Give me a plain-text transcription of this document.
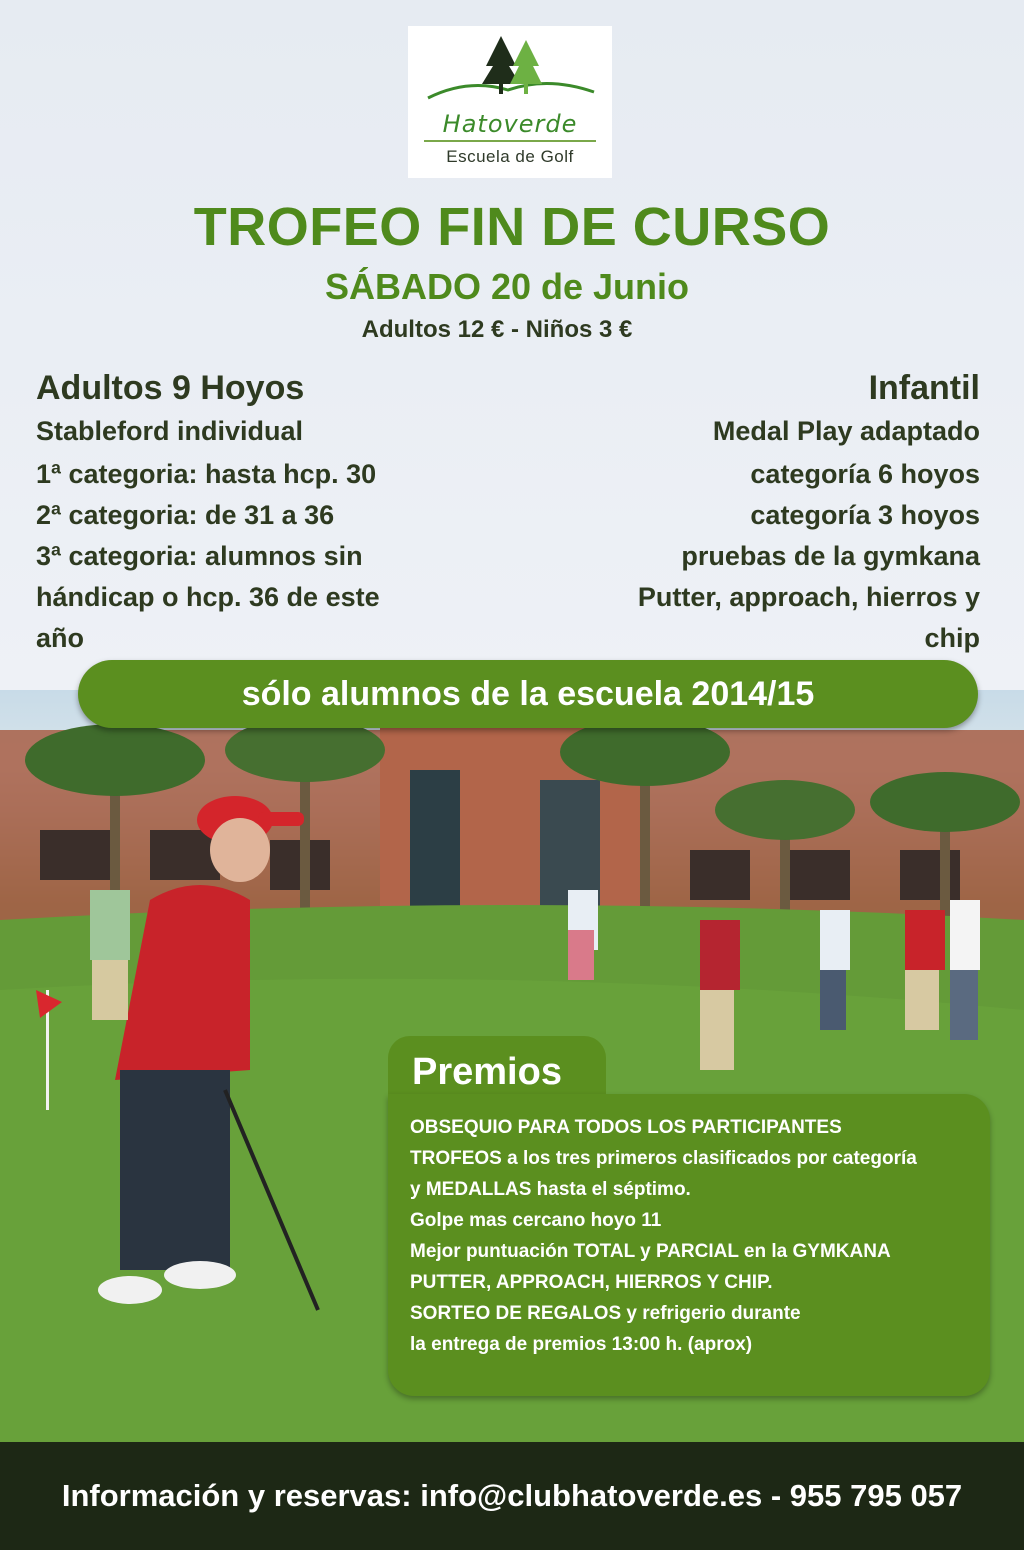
Hatoverde
Escuela de Golf
TROFEO FIN DE CURSO
SÁBADO 20 de Junio
Adultos 12 € - Niños 3 €
Adultos 9 Hoyos
Stableford individual
1ª categoria: hasta hcp. 30
2ª categoria: de 31 a 36
3ª categoria: alumnos sin
hándicap o hcp. 36 de este
año
Infantil
Medal Play adaptado
categoría 6 hoyos
categoría 3 hoyos
pruebas de la gymkana
Putter, approach, hierros y
chip
sólo alumnos de la escuela 2014/15
Premios
OBSEQUIO PARA TODOS LOS PARTICIPANTES
TROFEOS a los tres primeros clasificados por categoría
y MEDALLAS hasta el séptimo.
Golpe mas cercano hoyo 11
Mejor puntuación TOTAL y PARCIAL en la GYMKANA
PUTTER, APPROACH, HIERROS Y CHIP.
SORTEO DE REGALOS y refrigerio durante
la entrega de premios 13:00 h. (aprox)
Información y reservas: info@clubhatoverde.es - 955 795 057
